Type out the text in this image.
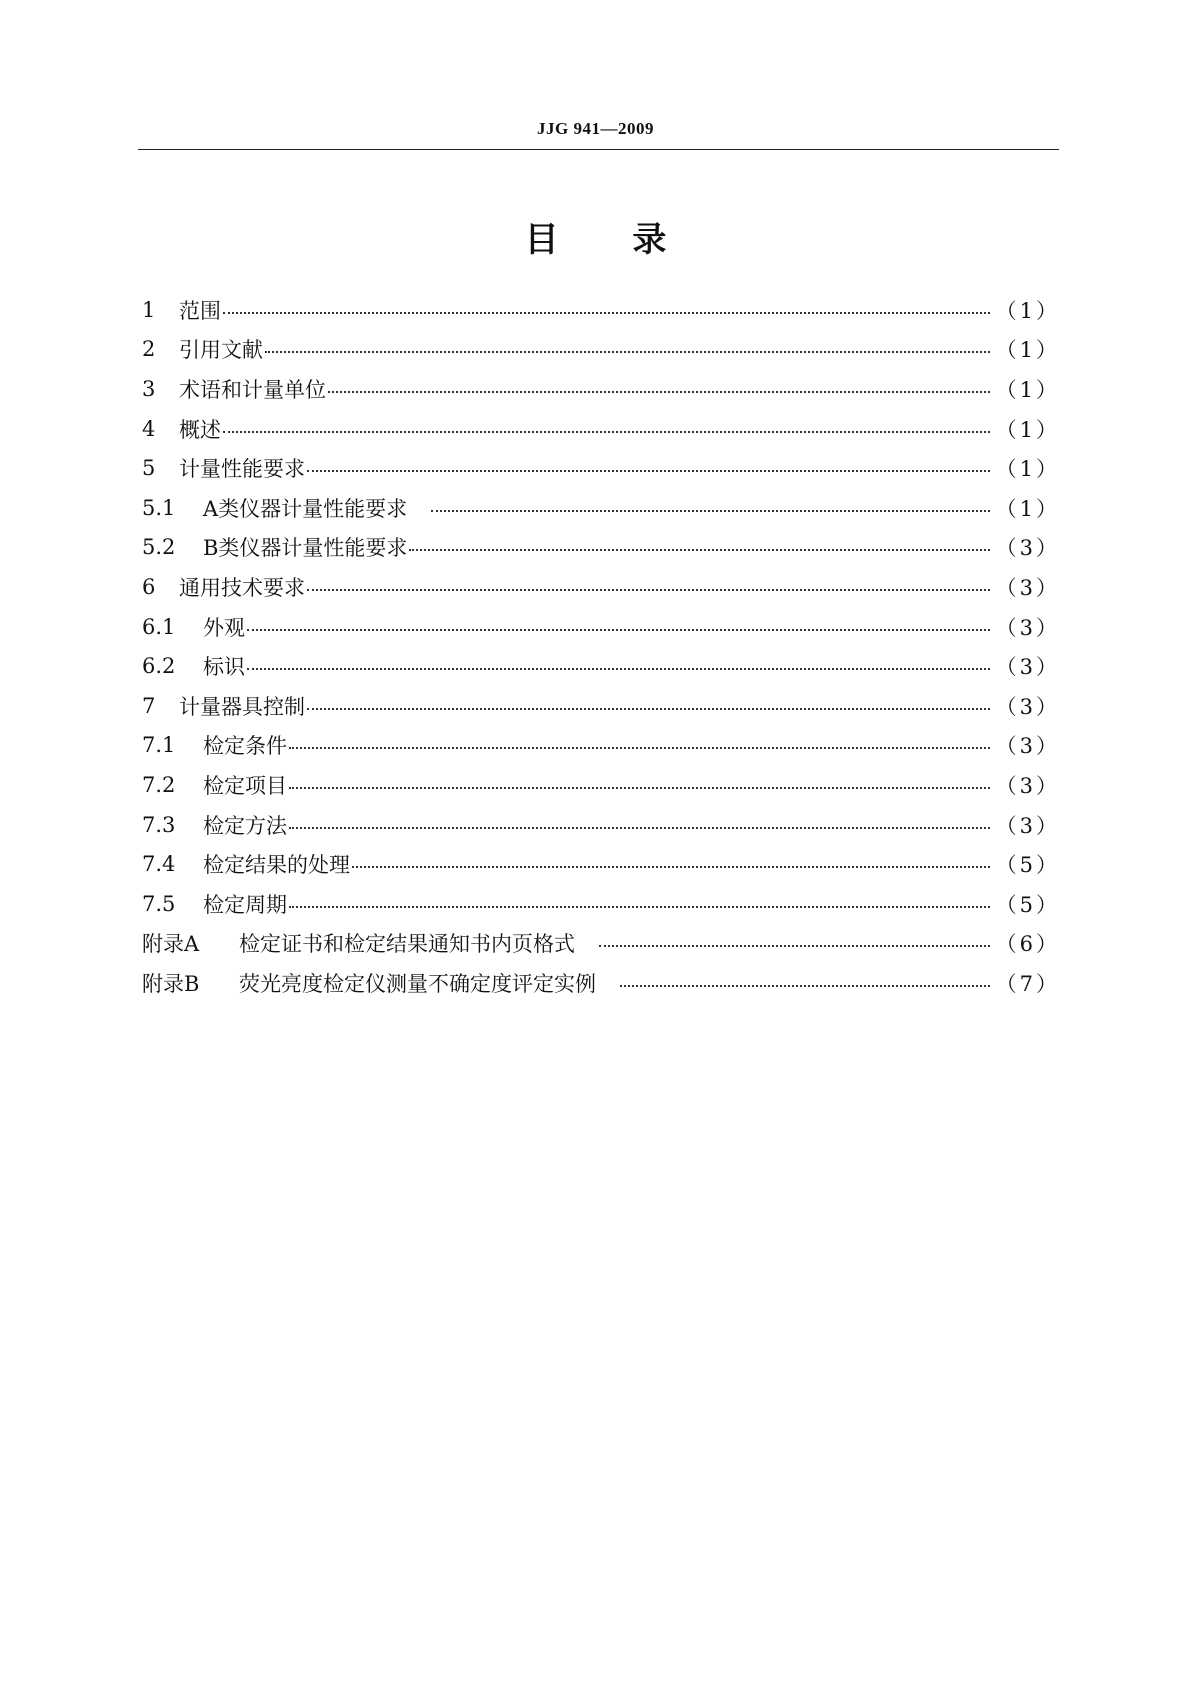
JJG 941—2009
目 录
1	范围	（1）
2	引用文献	（1）
3	术语和计量单位	（1）
4	概述	（1）
5	计量性能要求	（1）
5.1	A类仪器计量性能要求	（1）
5.2	B类仪器计量性能要求	（3）
6	通用技术要求	（3）
6.1	外观	（3）
6.2	标识	（3）
7	计量器具控制	（3）
7.1	检定条件	（3）
7.2	检定项目	（3）
7.3	检定方法	（3）
7.4	检定结果的处理	（5）
7.5	检定周期	（5）
附录A	检定证书和检定结果通知书内页格式	（6）
附录B	荧光亮度检定仪测量不确定度评定实例	（7）
